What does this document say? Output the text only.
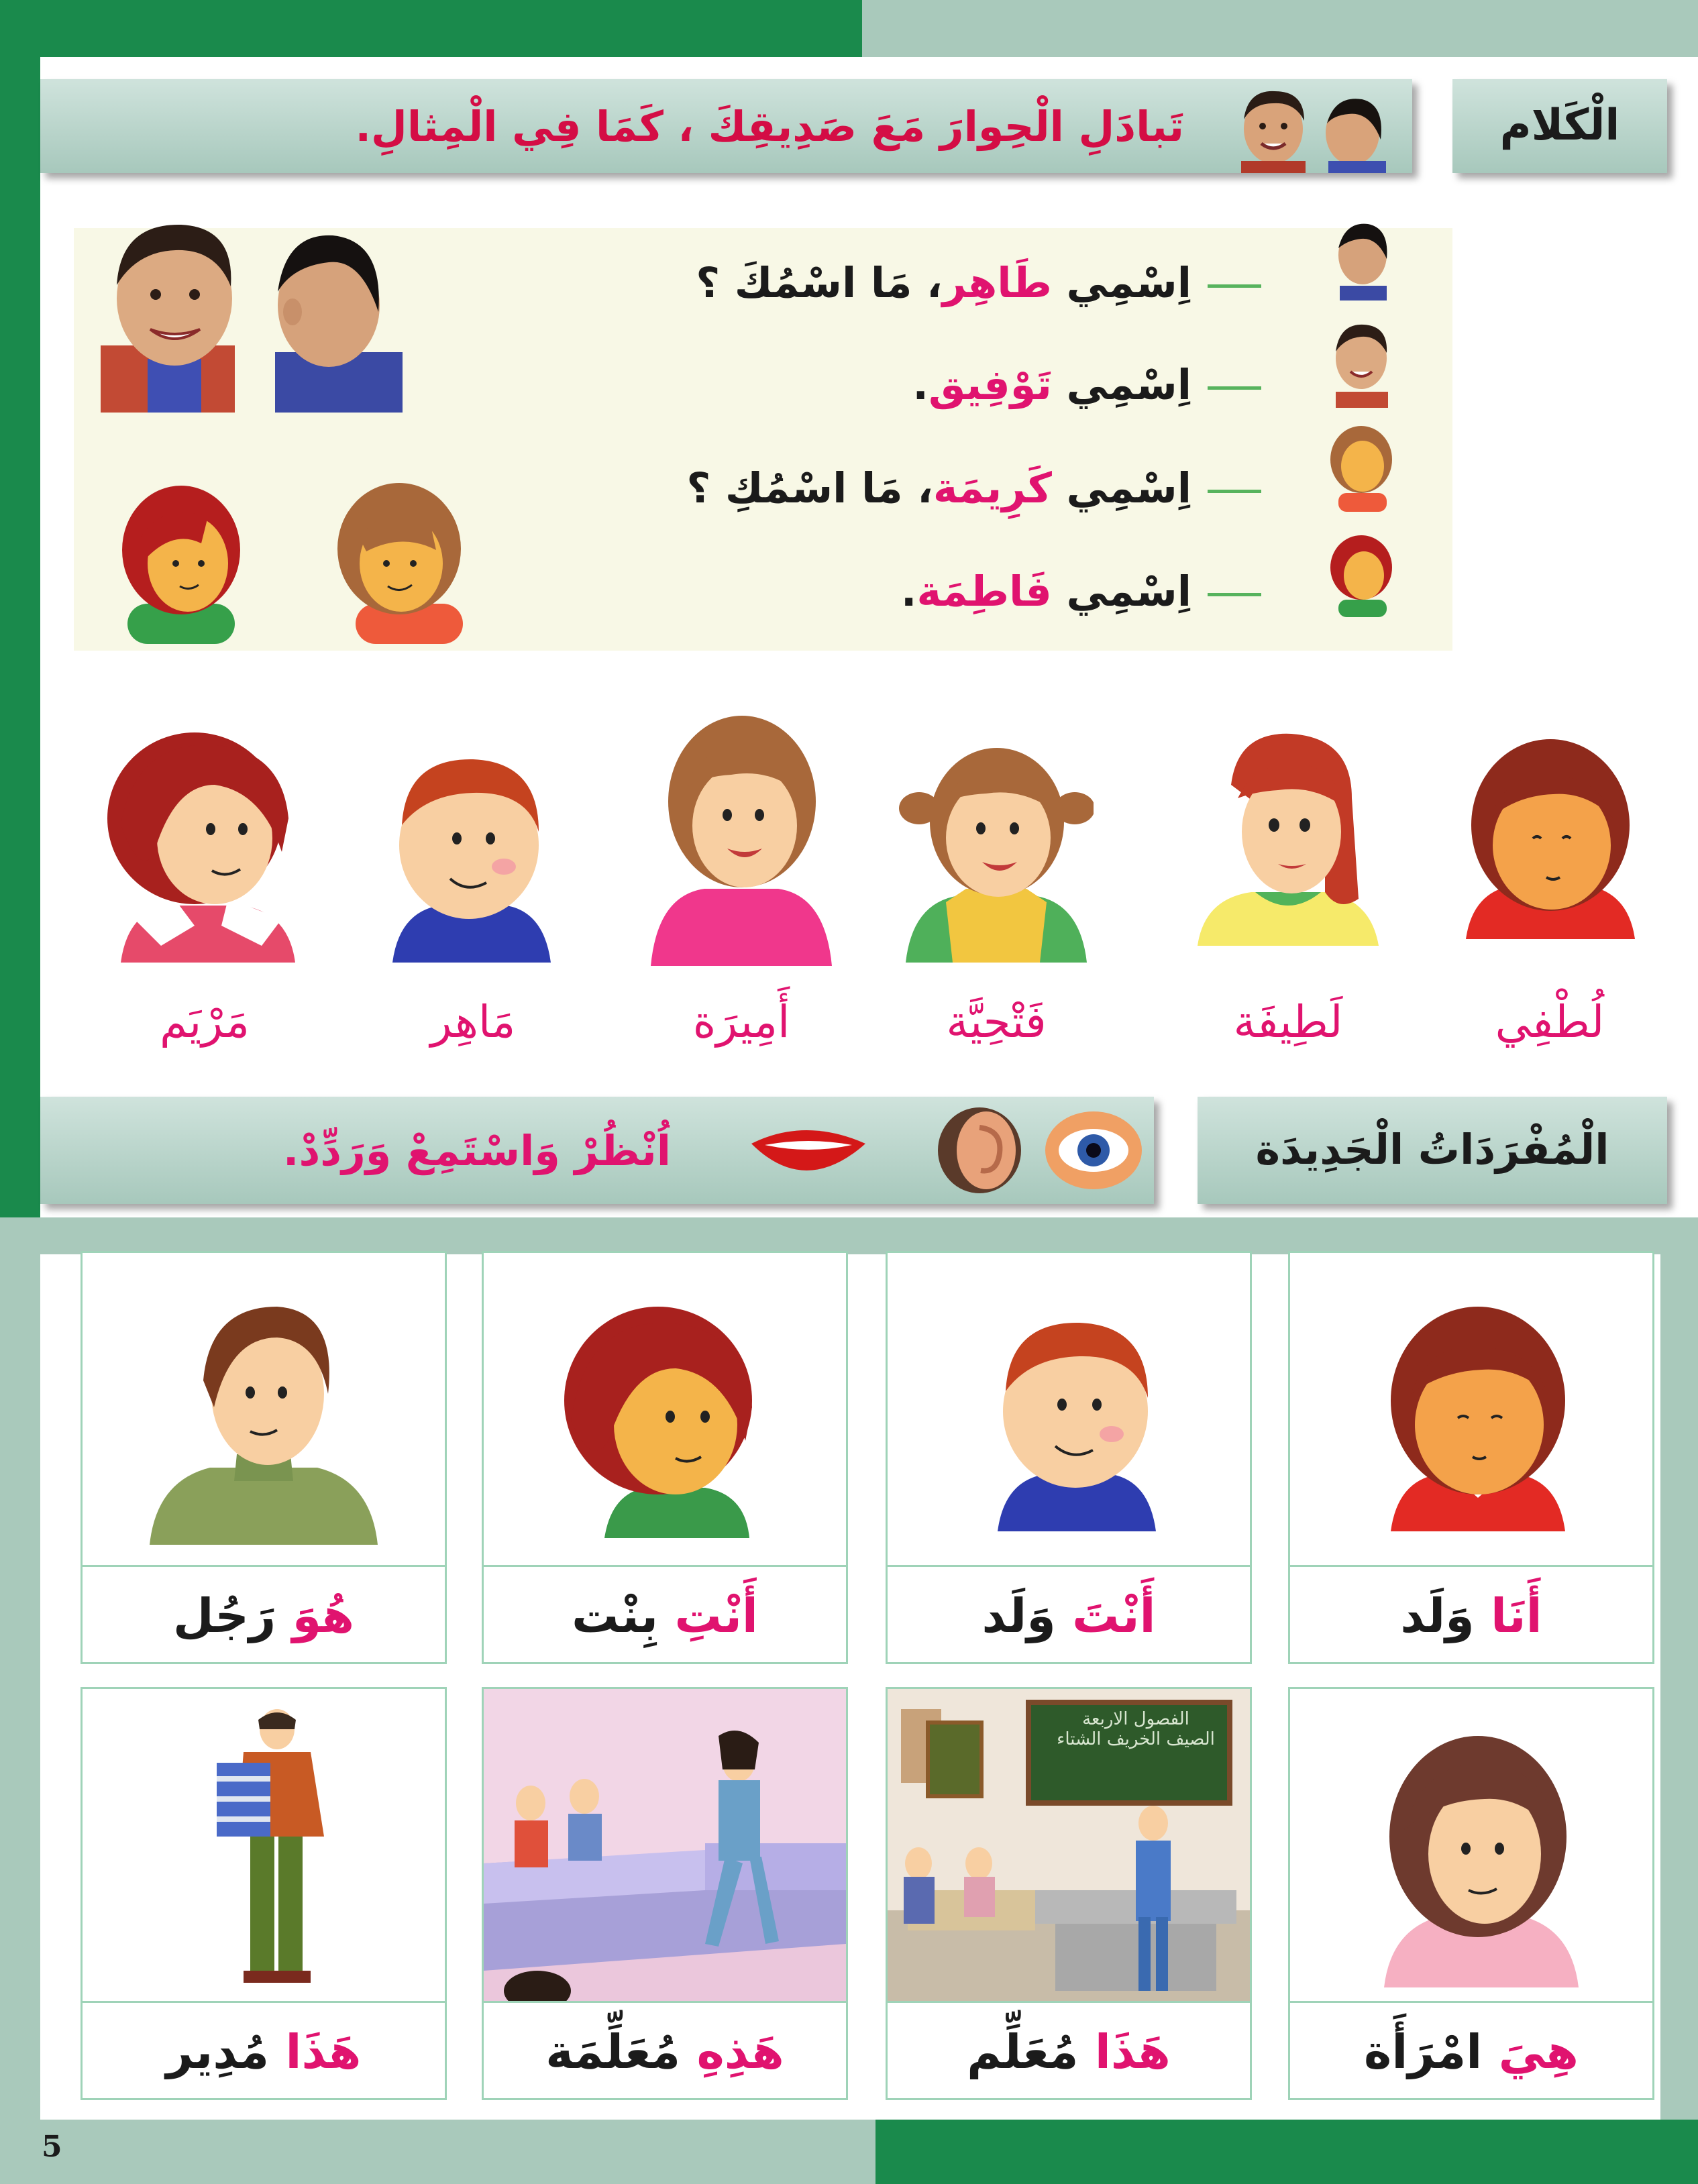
الْكَلام
تَبادَلِ الْحِوارَ مَعَ صَدِيقِكَ ، كَمَا فِي الْمِثالِ.
اِسْمِي طَاهِر، مَا اسْمُكَ ؟
اِسْمِي تَوْفِيق.
اِسْمِي كَرِيمَة، مَا اسْمُكِ ؟
اِسْمِي فَاطِمَة.
لُطْفِي
لَطِيفَة
فَتْحِيَّة
أَمِيرَة
مَاهِر
مَرْيَم
الْمُفْرَدَاتُ الْجَدِيدَة
اُنْظُرْ وَاسْتَمِعْ وَرَدِّدْ.
أَنَا وَلَد
أَنْتَ وَلَد
أَنْتِ بِنْت
هُوَ رَجُل
هِيَ امْرَأَة
الفصول الاربعة
الصيف الخريف الشتاء
هَذَا مُعَلِّم
هَذِهِ مُعَلِّمَة
هَذَا مُدِير
5
